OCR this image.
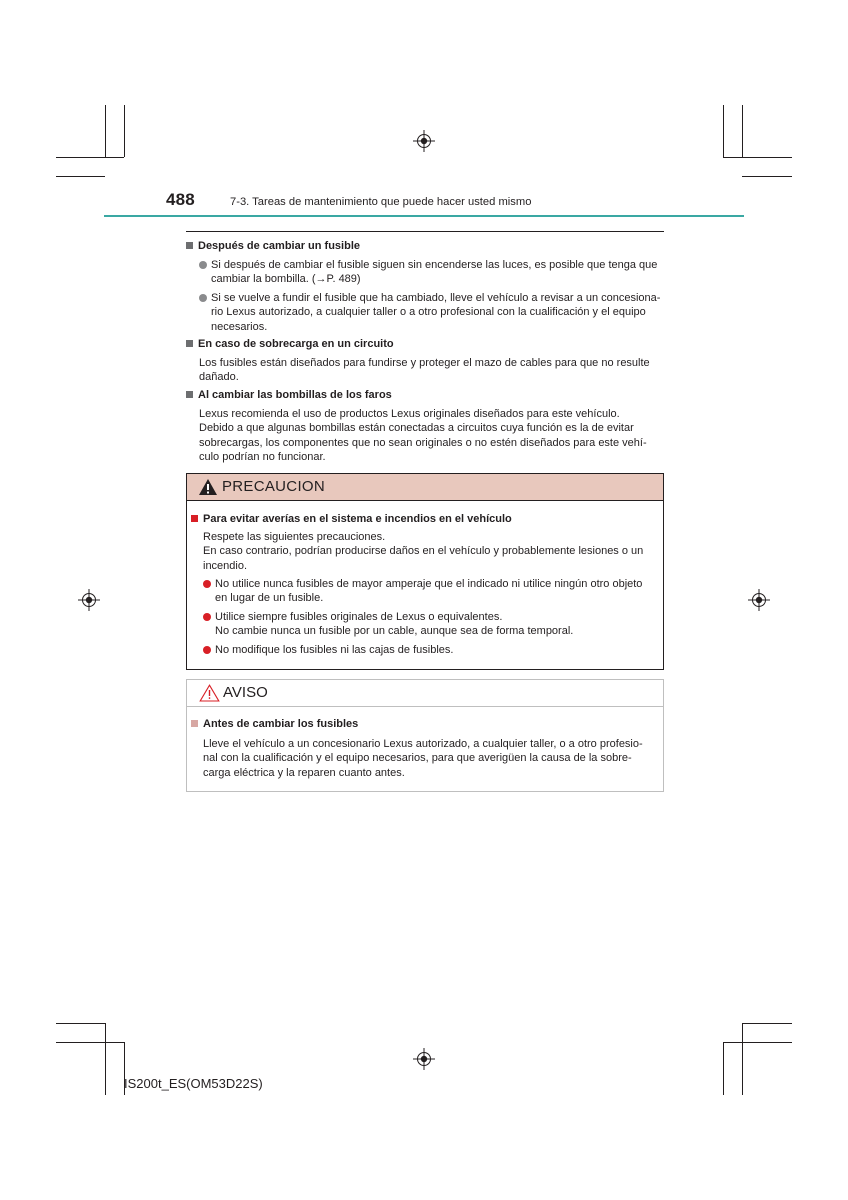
488	7-3. Tareas de mantenimiento que puede hacer usted mismo
Después de cambiar un fusible
Si después de cambiar el fusible siguen sin encenderse las luces, es posible que tenga que
cambiar la bombilla. (→P. 489)
Si se vuelve a fundir el fusible que ha cambiado, lleve el vehículo a revisar a un concesiona-
rio Lexus autorizado, a cualquier taller o a otro profesional con la cualificación y el equipo
necesarios.
En caso de sobrecarga en un circuito
Los fusibles están diseñados para fundirse y proteger el mazo de cables para que no resulte
dañado.
Al cambiar las bombillas de los faros
Lexus recomienda el uso de productos Lexus originales diseñados para este vehículo.
Debido a que algunas bombillas están conectadas a circuitos cuya función es la de evitar
sobrecargas, los componentes que no sean originales o no estén diseñados para este vehí-
culo podrían no funcionar.
PRECAUCION
Para evitar averías en el sistema e incendios en el vehículo
Respete las siguientes precauciones.
En caso contrario, podrían producirse daños en el vehículo y probablemente lesiones o un
incendio.
No utilice nunca fusibles de mayor amperaje que el indicado ni utilice ningún otro objeto
en lugar de un fusible.
Utilice siempre fusibles originales de Lexus o equivalentes.
No cambie nunca un fusible por un cable, aunque sea de forma temporal.
No modifique los fusibles ni las cajas de fusibles.
AVISO
Antes de cambiar los fusibles
Lleve el vehículo a un concesionario Lexus autorizado, a cualquier taller, o a otro profesio-
nal con la cualificación y el equipo necesarios, para que averigüen la causa de la sobre-
carga eléctrica y la reparen cuanto antes.
IS200t_ES(OM53D22S)
